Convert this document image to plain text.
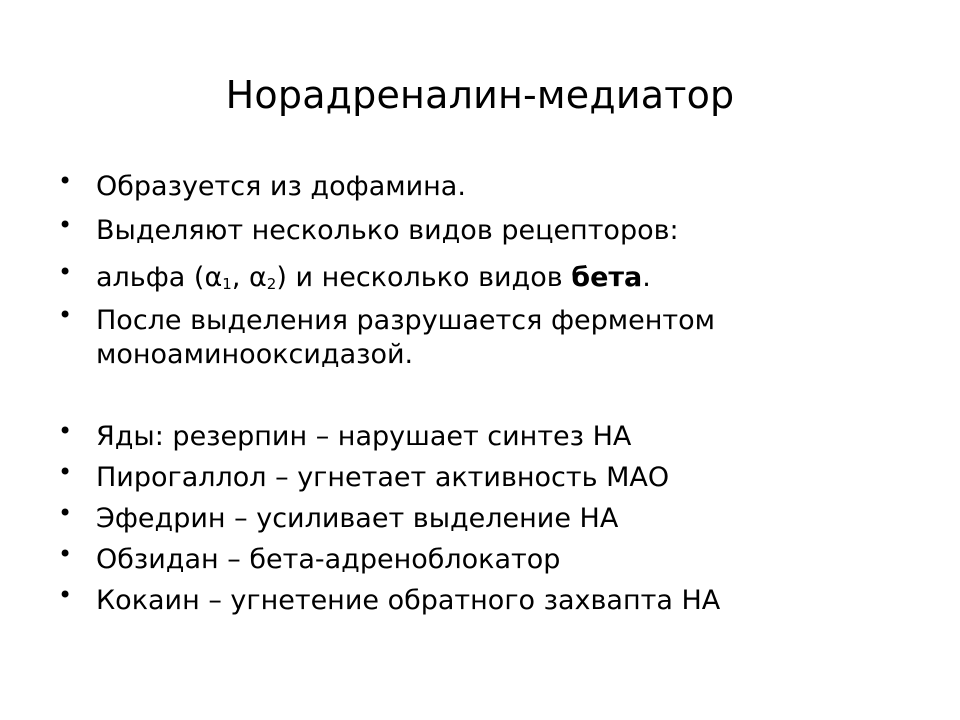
Норадреналин-медиатор
• Образуется из дофамина.
• Выделяют несколько видов рецепторов:
• альфа ($\alpha_1$, $\alpha_2$) и несколько видов бета.
• После выделения разрушается ферментом
моноаминооксидазой.
• Яды: резерпин – нарушает синтез НА
• Пирогаллол – угнетает активность МАО
• Эфедрин – усиливает выделение НА
• Обзидан – бета-адреноблокатор
• Кокаин – угнетение обратного захвапта НА
